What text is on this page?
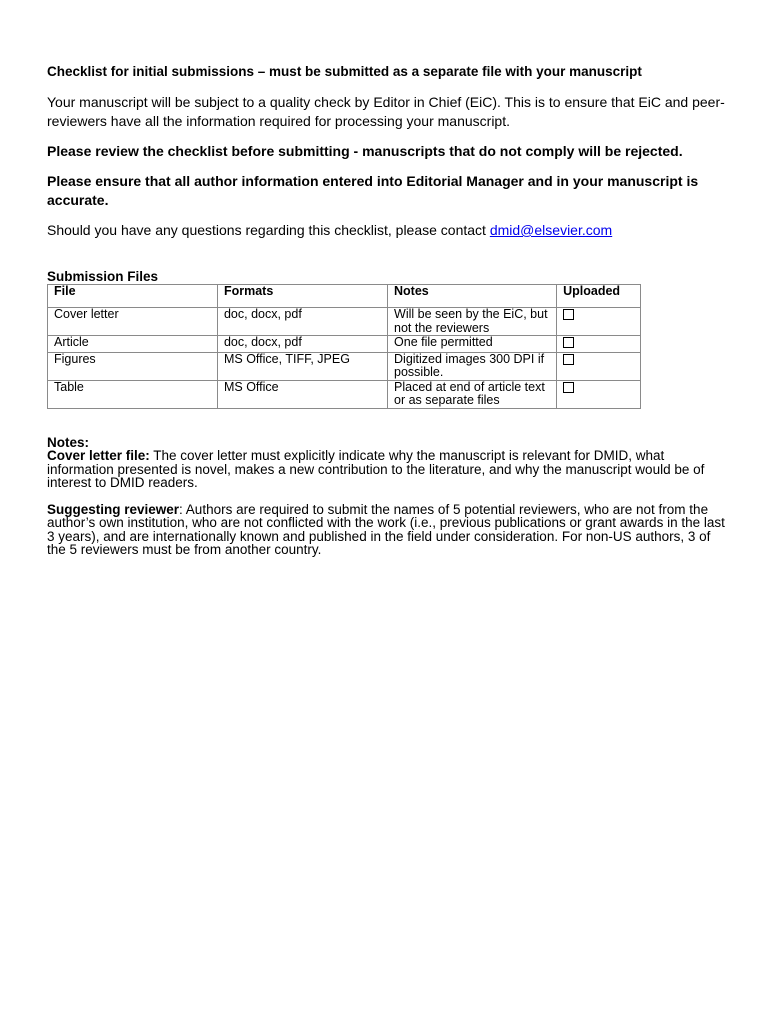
Checklist for initial submissions – must be submitted as a separate file with your manuscript

Your manuscript will be subject to a quality check by Editor in Chief (EiC). This is to ensure that EiC and peer-reviewers have all the information required for processing your manuscript.

Please review the checklist before submitting - manuscripts that do not comply will be rejected.

Please ensure that all author information entered into Editorial Manager and in your manuscript is accurate.

Should you have any questions regarding this checklist, please contact dmid@elsevier.com

Submission Files

File	Formats	Notes	Uploaded
Cover letter	doc, docx, pdf	Will be seen by the EiC, but not the reviewers	
Article	doc, docx, pdf	One file permitted	
Figures	MS Office, TIFF, JPEG	Digitized images 300 DPI if possible.	
Table	MS Office	Placed at end of article text or as separate files	

Notes:

Cover letter file: The cover letter must explicitly indicate why the manuscript is relevant for DMID, what information presented is novel, makes a new contribution to the literature, and why the manuscript would be of interest to DMID readers.

Suggesting reviewer: Authors are required to submit the names of 5 potential reviewers, who are not from the author’s own institution, who are not conflicted with the work (i.e., previous publications or grant awards in the last 3 years), and are internationally known and published in the field under consideration. For non-US authors, 3 of the 5 reviewers must be from another country.
